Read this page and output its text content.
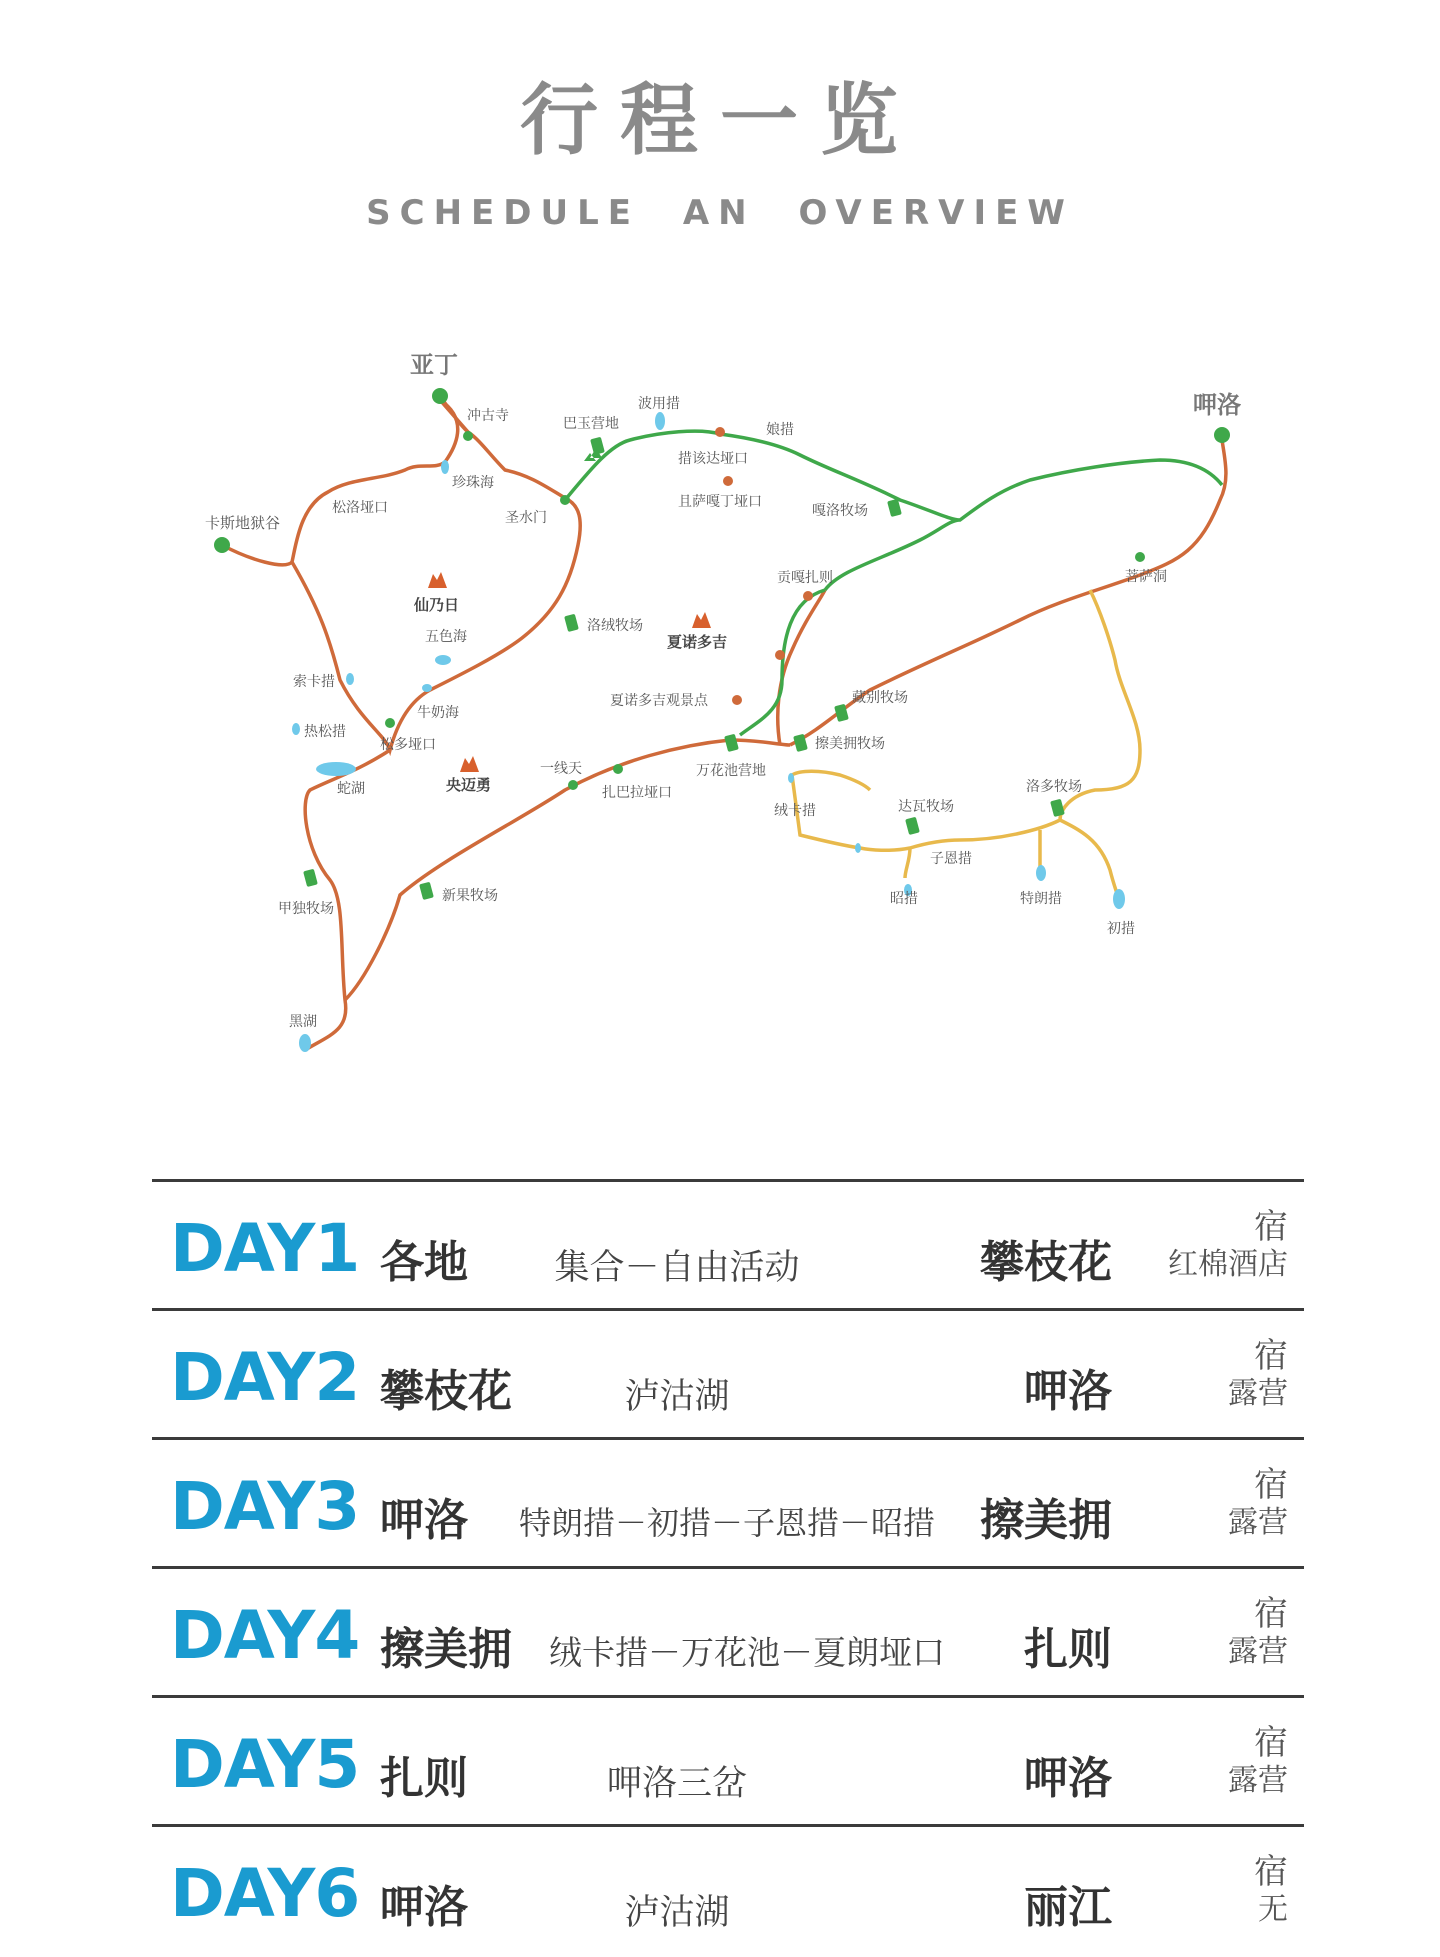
行程一览
SCHEDULE AN OVERVIEW
亚丁
呷洛
卡斯地狱谷
仙乃日
夏诺多吉
央迈勇
冲古寺
珍珠海
松洛垭口
圣水门
巴玉营地
波用措
娘措
措该达垭口
且萨嘎丁垭口
嘎洛牧场
贡嘎扎则	菩萨洞
五色海
洛绒牧场
索卡措
牛奶海
热松措
松多垭口
蛇湖
夏诺多吉观景点	藏别牧场
一线天	万花池营地
擦美拥牧场
扎巴拉垭口
绒卡措	达瓦牧场
洛多牧场
子恩措
昭措	特朗措
初措
甲独牧场
新果牧场
黑湖
DAY1 各地	集合－自由活动	攀枝花
宿
红棉酒店
DAY2 攀枝花	泸沽湖	呷洛
宿
露营
DAY3 呷洛	特朗措－初措－子恩措－昭措	擦美拥
宿
露营
DAY4 擦美拥	绒卡措－万花池－夏朗垭口	扎则
宿
露营
DAY5 扎则	呷洛三岔	呷洛
宿
露营
DAY6 呷洛	泸沽湖	丽江
宿
无
